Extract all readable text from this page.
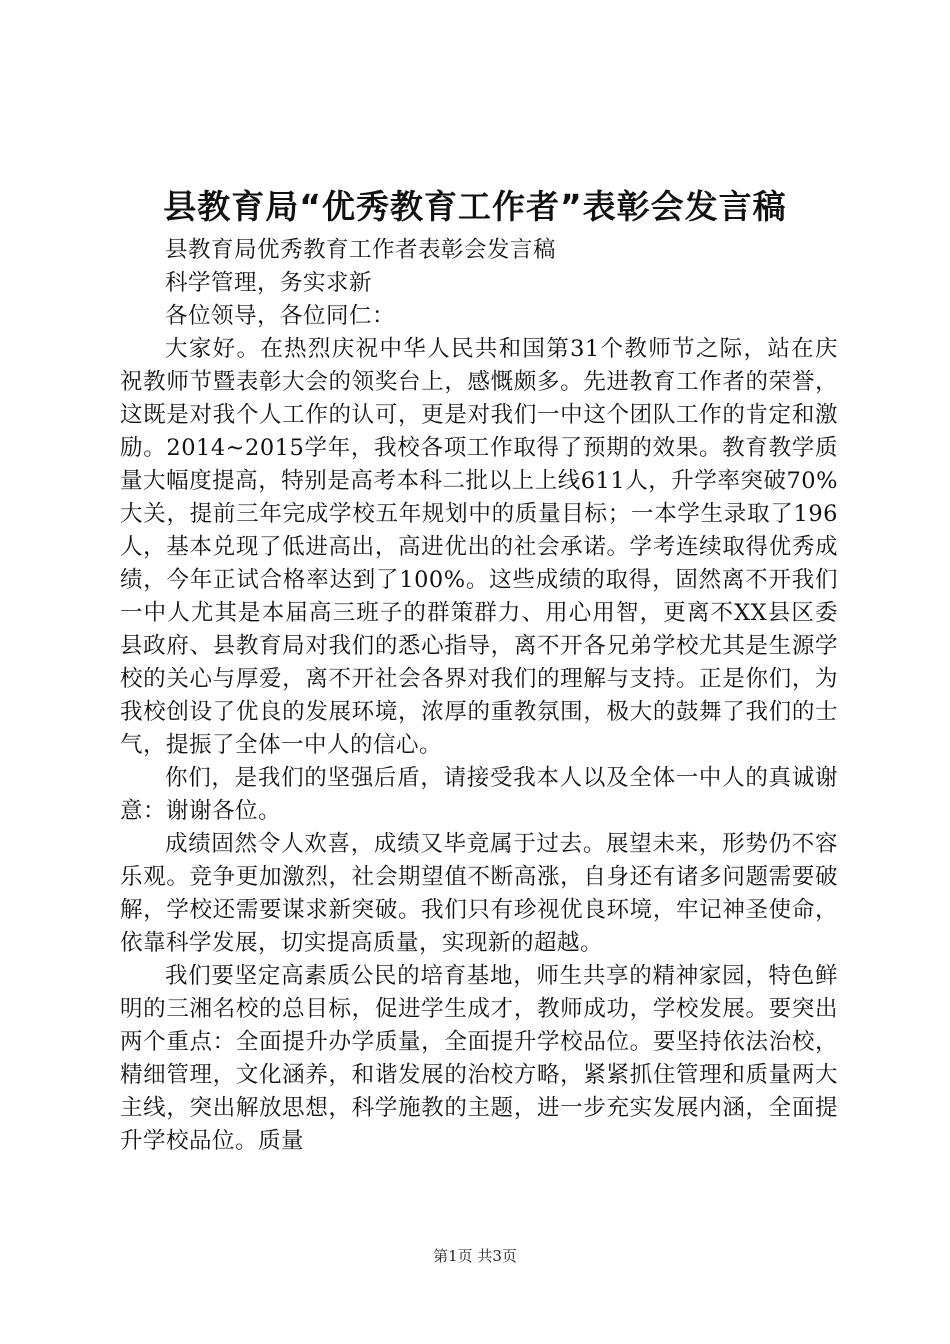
县教育局“优秀教育工作者”表彰会发言稿

县教育局优秀教育工作者表彰会发言稿

科学管理，务实求新

各位领导，各位同仁：

大家好。在热烈庆祝中华人民共和国第31个教师节之际，站在庆祝教师节暨表彰大会的领奖台上，感慨颇多。先进教育工作者的荣誉，这既是对我个人工作的认可，更是对我们一中这个团队工作的肯定和激励。2014~2015学年，我校各项工作取得了预期的效果。教育教学质量大幅度提高，特别是高考本科二批以上上线611人，升学率突破70%大关，提前三年完成学校五年规划中的质量目标；一本学生录取了196人，基本兑现了低进高出，高进优出的社会承诺。学考连续取得优秀成绩，今年正试合格率达到了100%。这些成绩的取得，固然离不开我们一中人尤其是本届高三班子的群策群力、用心用智，更离不XX县区委县政府、县教育局对我们的悉心指导，离不开各兄弟学校尤其是生源学校的关心与厚爱，离不开社会各界对我们的理解与支持。正是你们，为我校创设了优良的发展环境，浓厚的重教氛围，极大的鼓舞了我们的士气，提振了全体一中人的信心。

你们，是我们的坚强后盾，请接受我本人以及全体一中人的真诚谢意：谢谢各位。

成绩固然令人欢喜，成绩又毕竟属于过去。展望未来，形势仍不容乐观。竞争更加激烈，社会期望值不断高涨，自身还有诸多问题需要破解，学校还需要谋求新突破。我们只有珍视优良环境，牢记神圣使命，依靠科学发展，切实提高质量，实现新的超越。

我们要坚定高素质公民的培育基地，师生共享的精神家园，特色鲜明的三湘名校的总目标，促进学生成才，教师成功，学校发展。要突出两个重点：全面提升办学质量，全面提升学校品位。要坚持依法治校，精细管理，文化涵养，和谐发展的治校方略，紧紧抓住管理和质量两大主线，突出解放思想，科学施教的主题，进一步充实发展内涵，全面提升学校品位。质量

第1页 共3页
